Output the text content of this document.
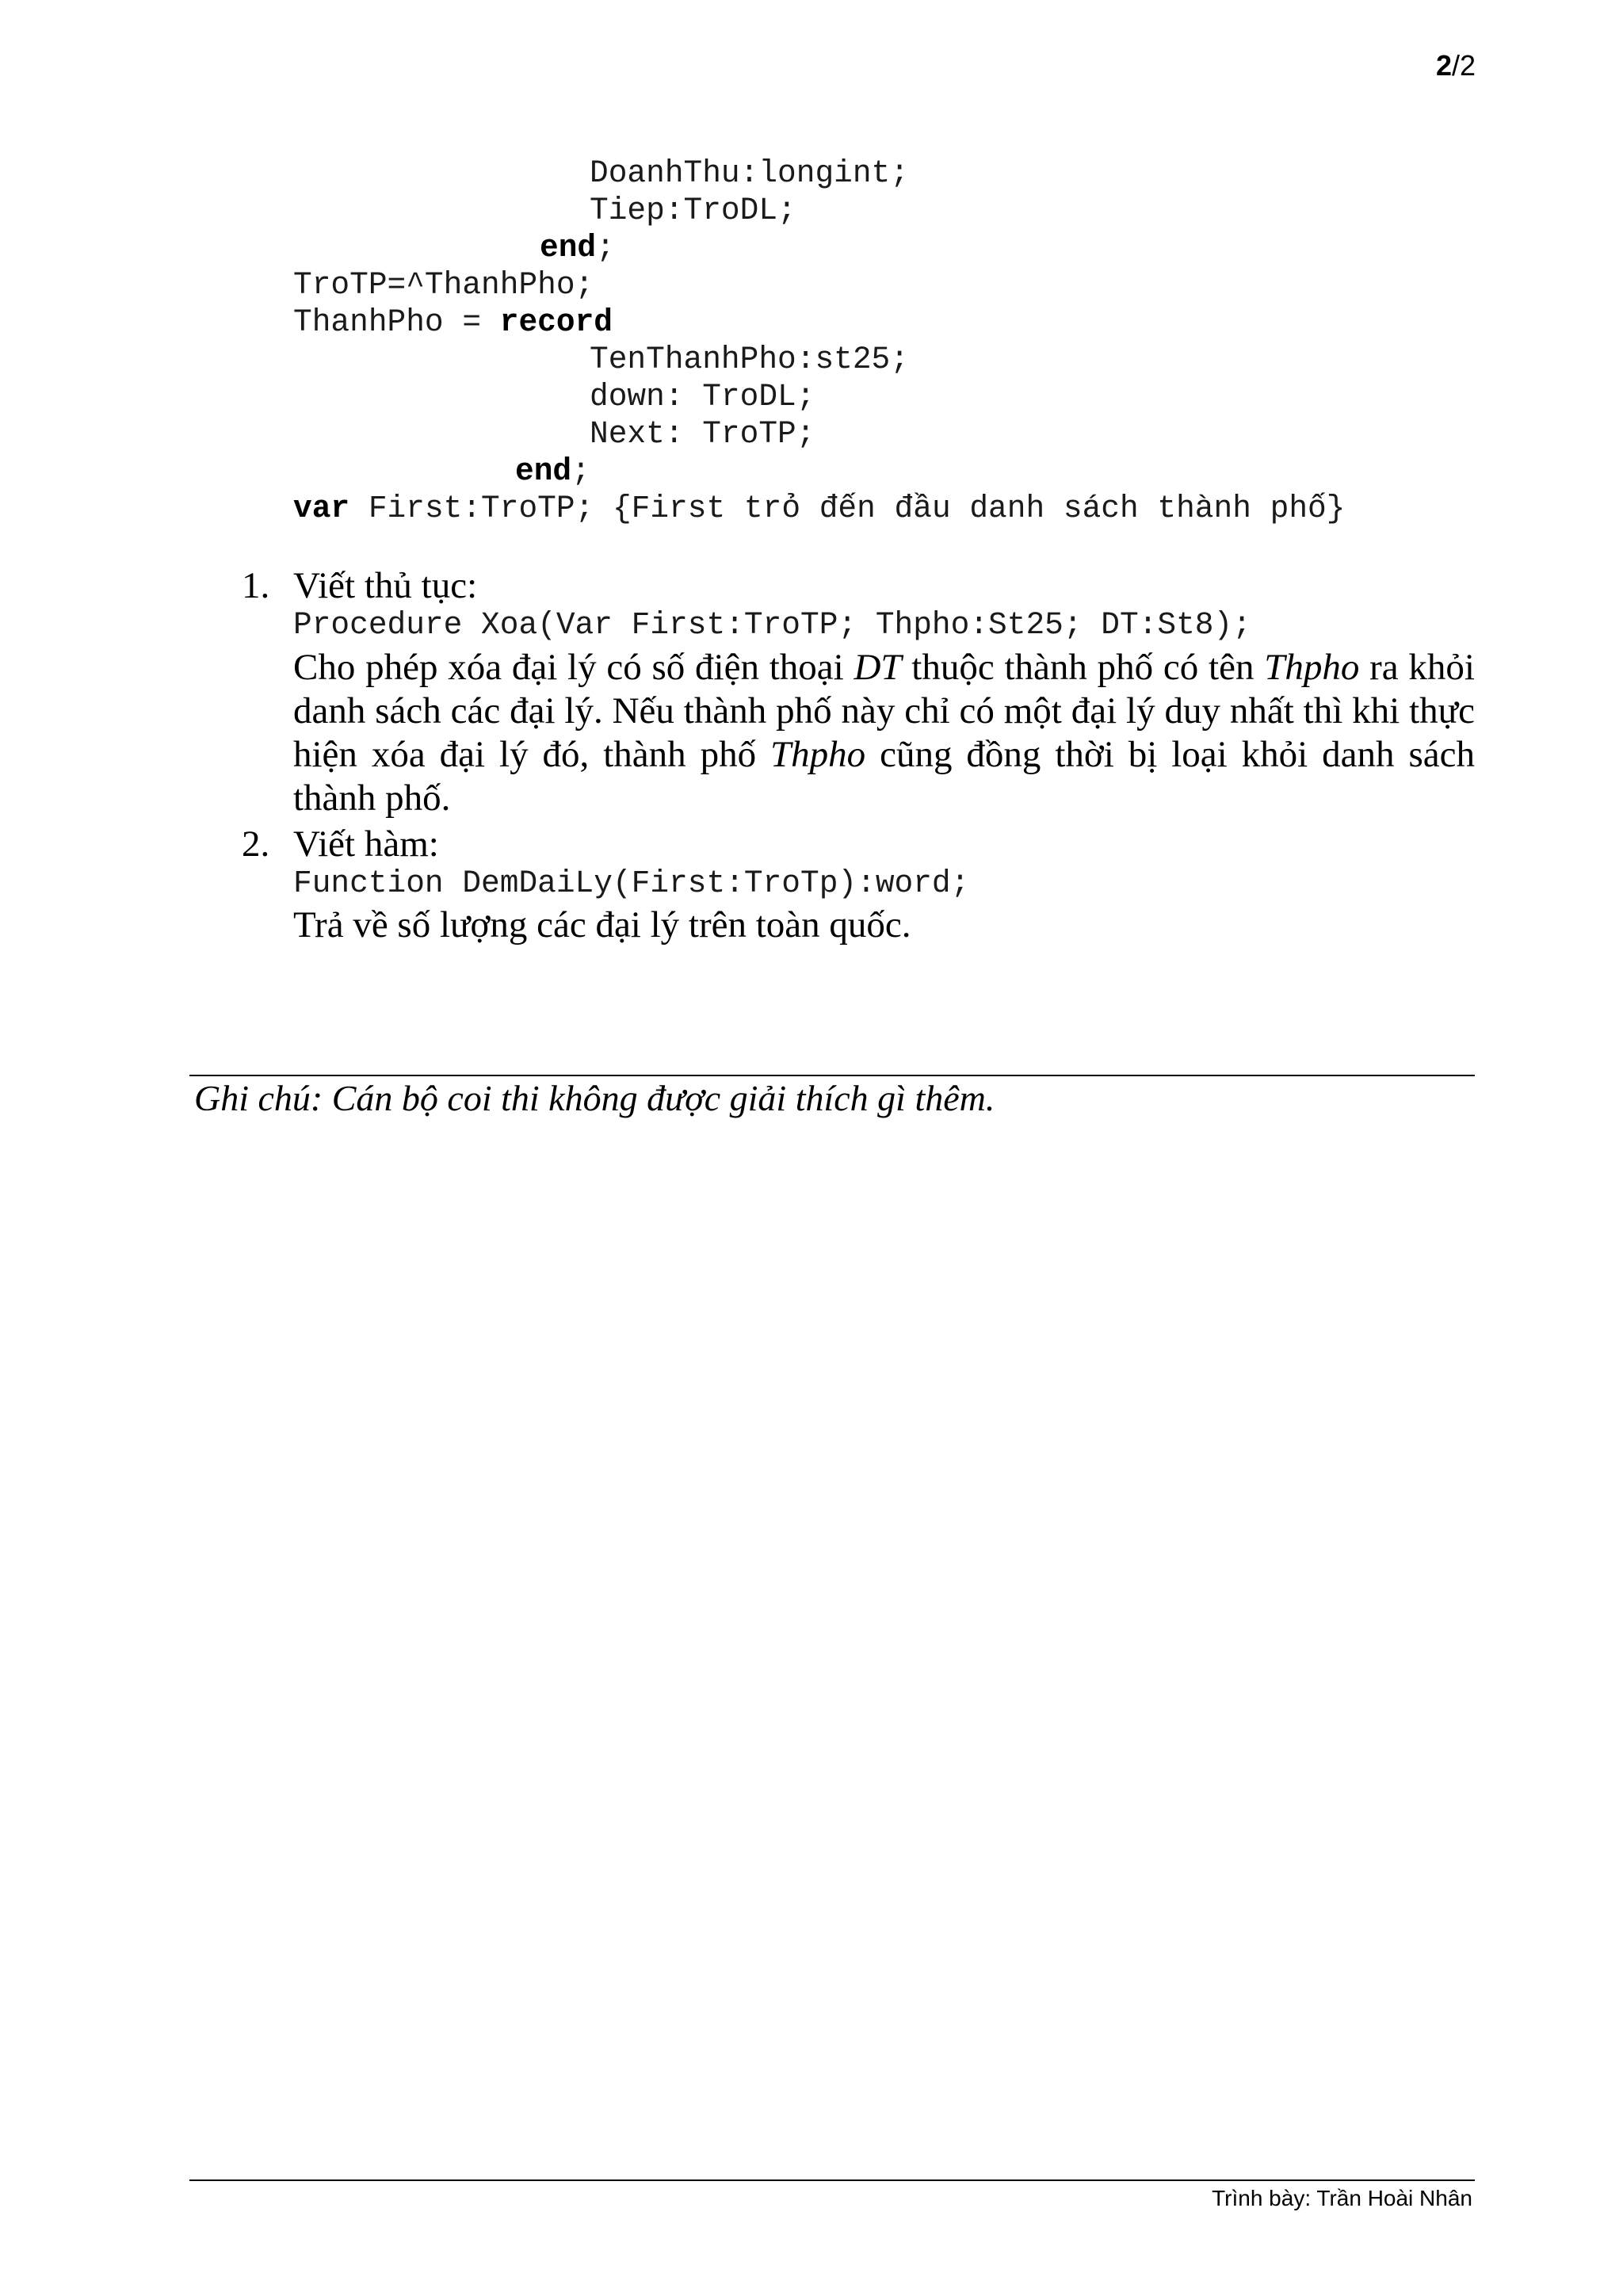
2/2
DoanhThu:longint;
Tiep:TroDL;
end;
TroTP=^ThanhPho;
ThanhPho = record
TenThanhPho:st25;
down: TroDL;
Next: TroTP;
end;
var First:TroTP; {First trỏ đến đầu danh sách thành phố}
1. Viết thủ tục:
Procedure Xoa(Var First:TroTP; Thpho:St25; DT:St8);
Cho phép xóa đại lý có số điện thoại DT thuộc thành phố có tên Thpho ra khỏi danh sách các đại lý. Nếu thành phố này chỉ có một đại lý duy nhất thì khi thực hiện xóa đại lý đó, thành phố Thpho cũng đồng thời bị loại khỏi danh sách thành phố.
2. Viết hàm:
Function DemDaiLy(First:TroTp):word;
Trả về số lượng các đại lý trên toàn quốc.
Ghi chú: Cán bộ coi thi không được giải thích gì thêm.
Trình bày: Trần Hoài Nhân
